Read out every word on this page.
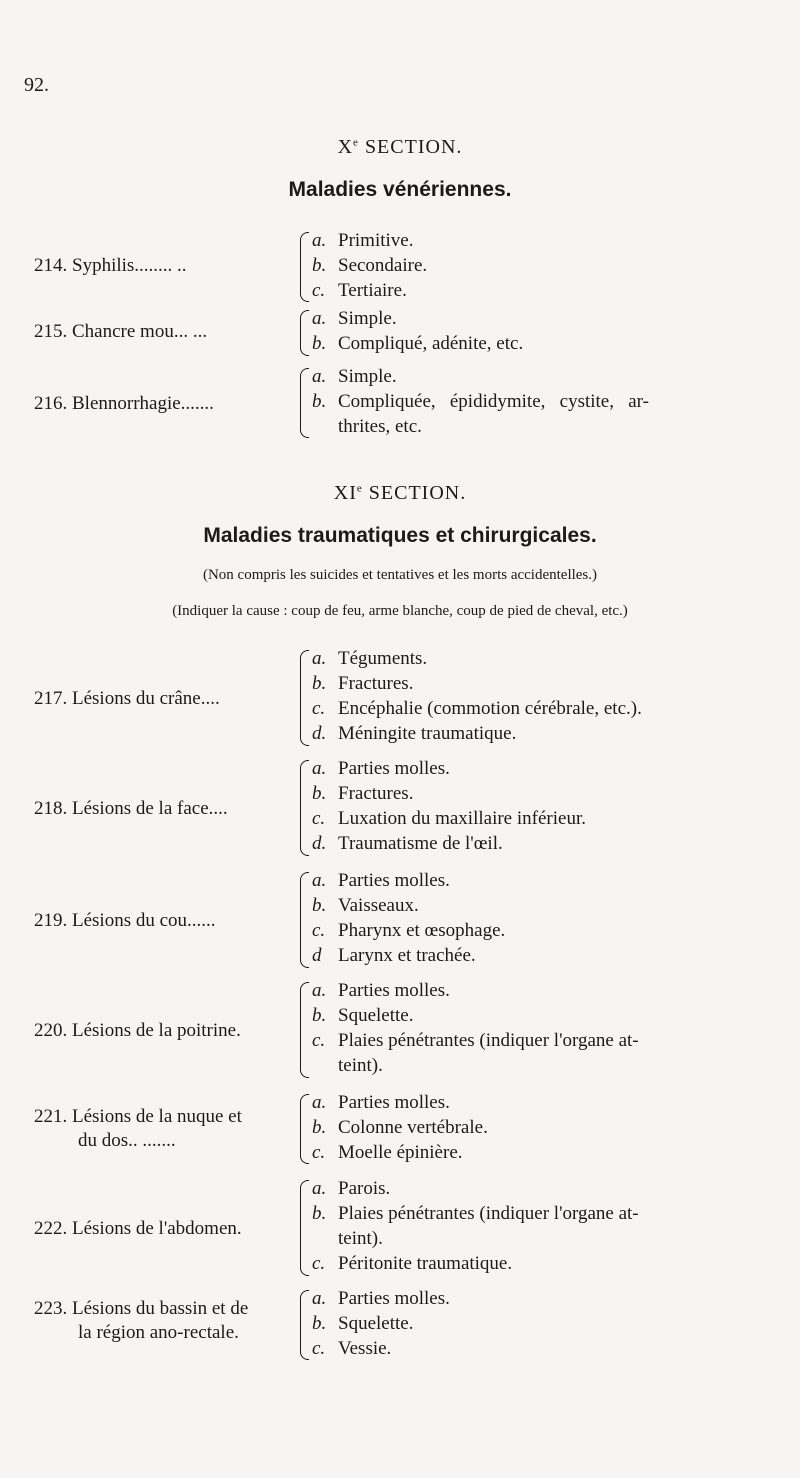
92.
Xe SECTION.
Maladies vénériennes.
214. Syphilis........ ..
a. Primitive.
b. Secondaire.
c. Tertiaire.
215. Chancre mou... ...
a. Simple.
b. Compliqué, adénite, etc.
216. Blennorrhagie.......
a. Simple.
b. Compliquée,   épididymite,   cystite,   ar-
thrites, etc.
XIe SECTION.
Maladies traumatiques et chirurgicales.
(Non compris les suicides et tentatives et les morts accidentelles.)
(Indiquer la cause : coup de feu, arme blanche, coup de pied de cheval, etc.)
217. Lésions du crâne....
a. Téguments.
b. Fractures.
c. Encéphalie (commotion cérébrale, etc.).
d. Méningite traumatique.
218. Lésions de la face....
a. Parties molles.
b. Fractures.
c. Luxation du maxillaire inférieur.
d. Traumatisme de l'œil.
219. Lésions du cou......
a. Parties molles.
b. Vaisseaux.
c. Pharynx et œsophage.
d Larynx et trachée.
220. Lésions de la poitrine.
a. Parties molles.
b. Squelette.
c. Plaies pénétrantes (indiquer l'organe at-
teint).
221. Lésions de la nuque et
du dos.. .......
a. Parties molles.
b. Colonne vertébrale.
c. Moelle épinière.
222. Lésions de l'abdomen.
a. Parois.
b. Plaies pénétrantes (indiquer l'organe at-
teint).
c. Péritonite traumatique.
223. Lésions du bassin et de
la région ano-rectale.
a. Parties molles.
b. Squelette.
c. Vessie.
